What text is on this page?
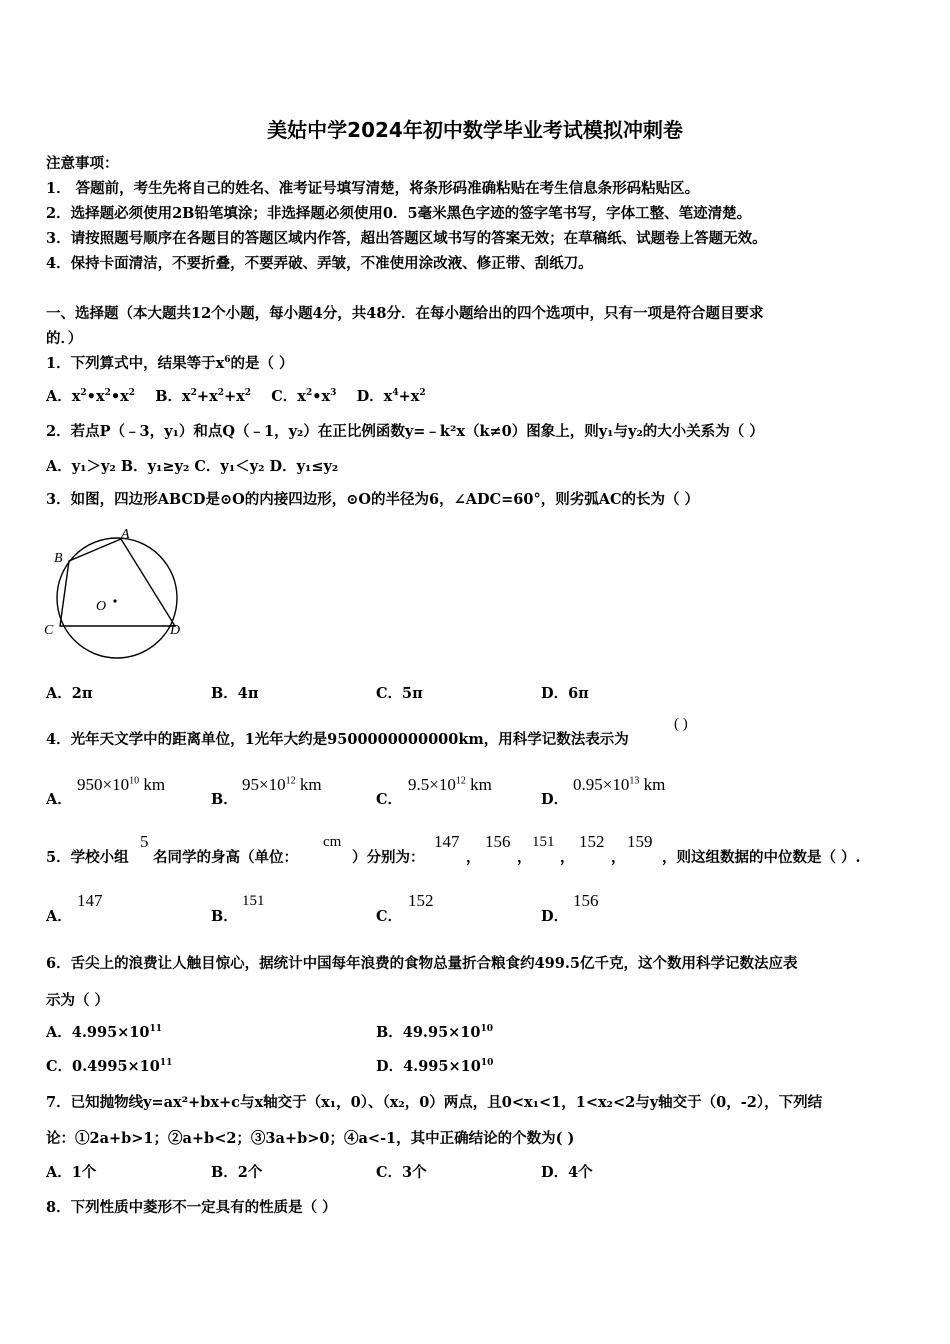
美姑中学2024年初中数学毕业考试模拟冲刺卷
注意事项：
1． 答题前，考生先将自己的姓名、准考证号填写清楚，将条形码准确粘贴在考生信息条形码粘贴区。
2．选择题必须使用2B铅笔填涂；非选择题必须使用0．5毫米黑色字迹的签字笔书写，字体工整、笔迹清楚。
3．请按照题号顺序在各题目的答题区域内作答，超出答题区域书写的答案无效；在草稿纸、试题卷上答题无效。
4．保持卡面清洁，不要折叠，不要弄破、弄皱，不准使用涂改液、修正带、刮纸刀。
一、选择题（本大题共12个小题，每小题4分，共48分．在每小题给出的四个选项中，只有一项是符合题目要求
的．）
1．下列算式中，结果等于$x^6$的是（ ）
A．$x^2•x^2•x^2$ B．$x^2+x^2+x^2$ C．$x^2•x^3$ D．$x^4+x^2$
2．若点P（﹣3，y₁）和点Q（﹣1，y₂）在正比例函数y=﹣k²x（k≠0）图象上，则y₁与y₂的大小关系为（ ）
A．y₁＞y₂ B．y₁≥y₂ C．y₁＜y₂ D．y₁≤y₂
3．如图，四边形ABCD是⊙O的内接四边形，⊙O的半径为6，∠ADC=60°，则劣弧AC的长为（ ）
A
B
C	D
O
A．2π	B．4π	C．5π	D．6π
4．光年天文学中的距离单位，1光年大约是9500000000000km，用科学记数法表示为
( )
A．
$950\times 10^{10}$ km
B．
$95\times 10^{12}$ km
C．
$9.5\times 10^{12}$ km
D．
$0.95\times 10^{13}$ km
5．学校小组
5
名同学的身高（单位：
cm
）分别为：
147
，
156
，
151
，
152
，
159
，则这组数据的中位数是（ ）.
A．
147
B．
151
C．
152
D．
156
6．舌尖上的浪费让人触目惊心，据统计中国每年浪费的食物总量折合粮食约499.5亿千克，这个数用科学记数法应表
示为（ ）
A．$4.995\times 10^{11}$	B．$49.95\times 10^{10}$
C．$0.4995\times 10^{11}$	D．$4.995\times 10^{10}$
7．已知抛物线y=ax²+bx+c与x轴交于（x₁，0）、（x₂，0）两点，且0<x₁<1，1<x₂<2与y轴交于（0，-2），下列结
论：①2a+b>1；②a+b<2；③3a+b>0；④a<-1，其中正确结论的个数为( )
A．1个	B．2个	C．3个	D．4个
8．下列性质中菱形不一定具有的性质是（ ）
